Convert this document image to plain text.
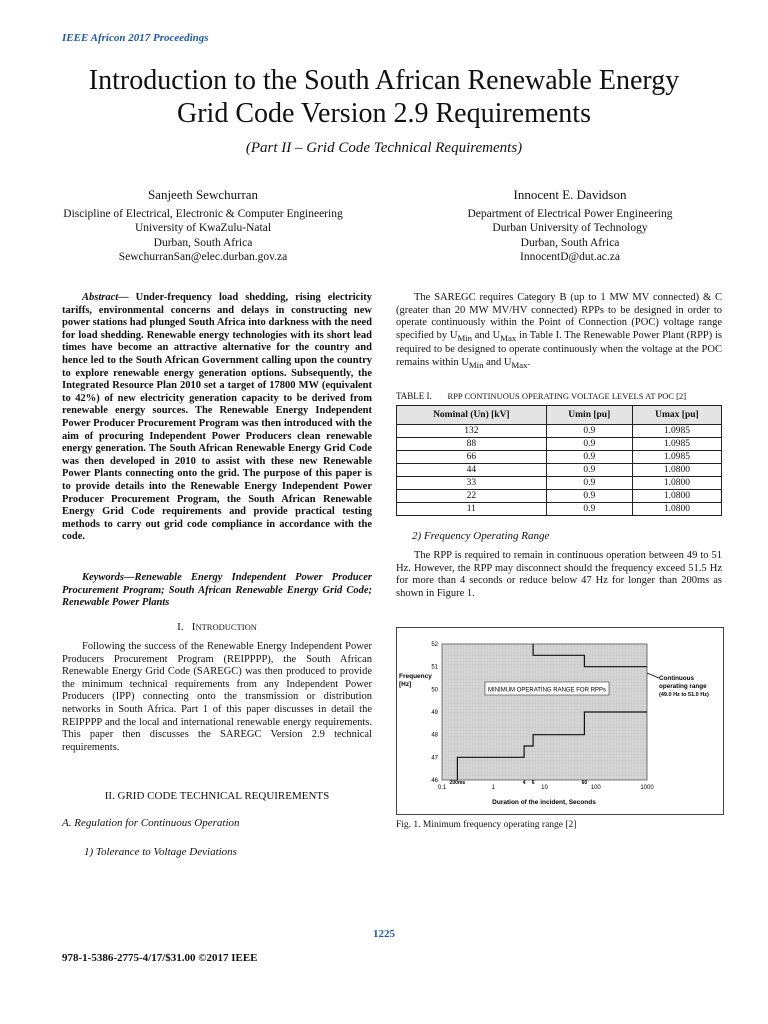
IEEE Africon 2017 Proceedings
Introduction to the South African Renewable Energy
Grid Code Version 2.9 Requirements
(Part II – Grid Code Technical Requirements)
Sanjeeth Sewchurran
Discipline of Electrical, Electronic & Computer Engineering
University of KwaZulu-Natal
Durban, South Africa
SewchurranSan@elec.durban.gov.za
Innocent E. Davidson
Department of Electrical Power Engineering
Durban University of Technology
Durban, South Africa
InnocentD@dut.ac.za
Abstract— Under-frequency load shedding, rising electricity tariffs, environmental concerns and delays in constructing new power stations had plunged South Africa into darkness with the need for load shedding. Renewable energy technologies with its short lead times have become an attractive alternative for the country and hence led to the South African Government calling upon the country to explore renewable energy generation options. Subsequently, the Integrated Resource Plan 2010 set a target of 17800 MW (equivalent to 42%) of new electricity generation capacity to be derived from renewable energy sources. The Renewable Energy Independent Power Producer Procurement Program was then introduced with the aim of procuring Independent Power Producers clean renewable energy generation. The South African Renewable Energy Grid Code was then developed in 2010 to assist with these new Renewable Power Plants connecting onto the grid. The purpose of this paper is to provide details into the Renewable Energy Independent Power Producer Procurement Program, the South African Renewable Energy Grid Code requirements and provide practical testing methods to carry out grid code compliance in accordance with the code.
Keywords—Renewable Energy Independent Power Producer Procurement Program; South African Renewable Energy Grid Code; Renewable Power Plants
I. INTRODUCTION
Following the success of the Renewable Energy Independent Power Producers Procurement Program (REIPPPP), the South African Renewable Energy Grid Code (SAREGC) was then produced to provide the minimum technical requirements from any Independent Power Producers (IPP) connecting onto the transmission or distribution networks in South Africa. Part 1 of this paper discusses in detail the REIPPPP and the local and international renewable energy requirements. This paper then discusses the SAREGC Version 2.9 technical requirements.
II. GRID CODE TECHNICAL REQUIREMENTS
A. Regulation for Continuous Operation
1) Tolerance to Voltage Deviations
The SAREGC requires Category B (up to 1 MW MV connected) & C (greater than 20 MW MV/HV connected) RPPs to be designed in order to operate continuously within the Point of Connection (POC) voltage range specified by $U_{Min}$ and $U_{Max}$ in Table I. The Renewable Power Plant (RPP) is required to be designed to operate continuously when the voltage at the POC remains within $U_{Min}$ and $U_{Max}$.
TABLE I. RPP CONTINUOUS OPERATING VOLTAGE LEVELS AT POC [2]
Nominal (Un) [kV]	Umin [pu]	Umax [pu]
132	0.9	1.0985
88	0.9	1.0985
66	0.9	1.0985
44	0.9	1.0800
33	0.9	1.0800
22	0.9	1.0800
11	0.9	1.0800
2) Frequency Operating Range
The RPP is required to remain in continuous operation between 49 to 51 Hz. However, the RPP may disconnect should the frequency exceed 51.5 Hz for more than 4 seconds or reduce below 47 Hz for longer than 200ms as shown in Figure 1.
52
51
50
49
48
47
46
0.1	1	10	100	1000
200ms	4 6	60
MINIMUM OPERATING RANGE FOR RPPs
Frequency
[Hz]
Duration of the incident, Seconds
Continuous
operating range
(49.0 Hz to 51.0 Hz)
Fig. 1. Minimum frequency operating range [2]
1225
978-1-5386-2775-4/17/$31.00 ©2017 IEEE
